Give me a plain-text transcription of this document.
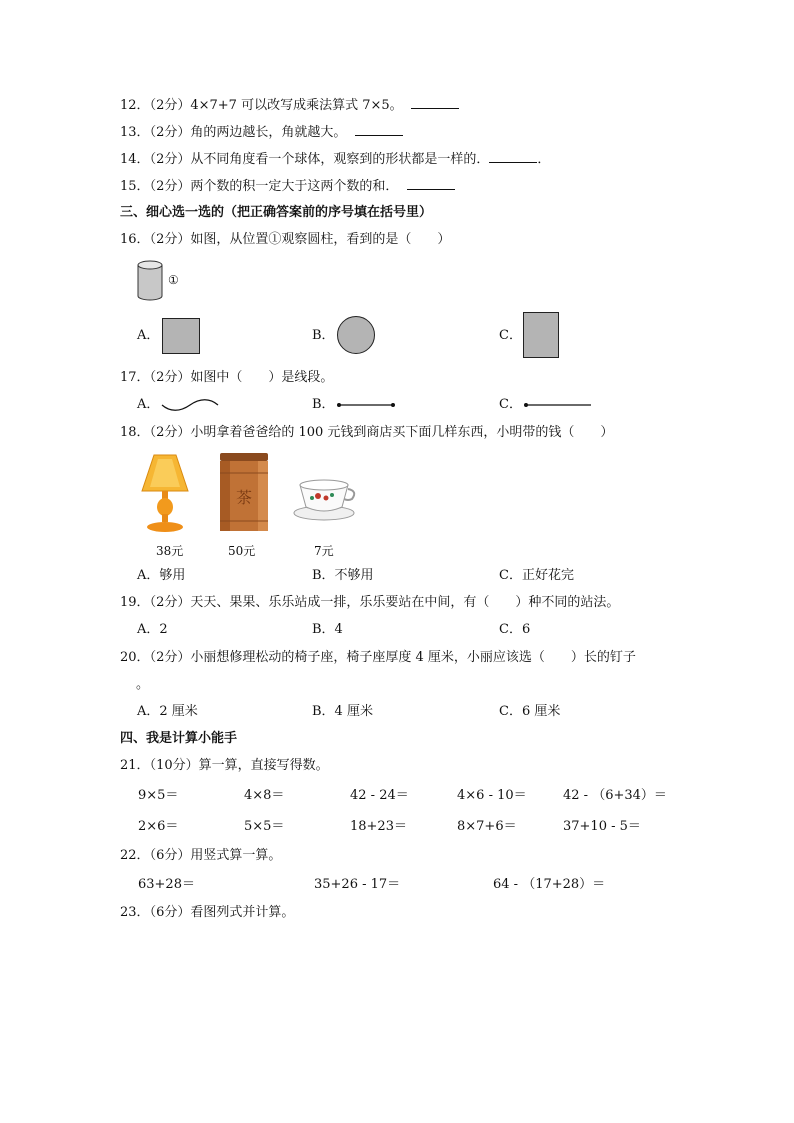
12．（2分）4×7+7 可以改写成乘法算式 7×5。
13．（2分）角的两边越长，角就越大。
14．（2分）从不同角度看一个球体，观察到的形状都是一样的．	．
15．（2分）两个数的积一定大于这两个数的和．
三、细心选一选的（把正确答案前的序号填在括号里）
16．（2分）如图，从位置①观察圆柱，看到的是（　　）
①
A．	B．	C．
17．（2分）如图中（　　）是线段。
A．	B．	C．
18．（2分）小明拿着爸爸给的 100 元钱到商店买下面几样东西，小明带的钱（　　）
茶
38元	50元	7元
A．够用	B．不够用	C．正好花完
19．（2分）天天、果果、乐乐站成一排，乐乐要站在中间，有（　　）种不同的站法。
A．2	B．4	C．6
20．（2分）小丽想修理松动的椅子座，椅子座厚度 4 厘米，小丽应该选（　　）长的钉子
。
A．2 厘米	B．4 厘米	C．6 厘米
四、我是计算小能手
21．（10分）算一算，直接写得数。
9×5＝	4×8＝	42 - 24＝	4×6 - 10＝	42 - （6+34）＝
2×6＝	5×5＝	18+23＝	8×7+6＝	37+10 - 5＝
22．（6分）用竖式算一算。
63+28＝	35+26 - 17＝	64 - （17+28）＝
23．（6分）看图列式并计算。
